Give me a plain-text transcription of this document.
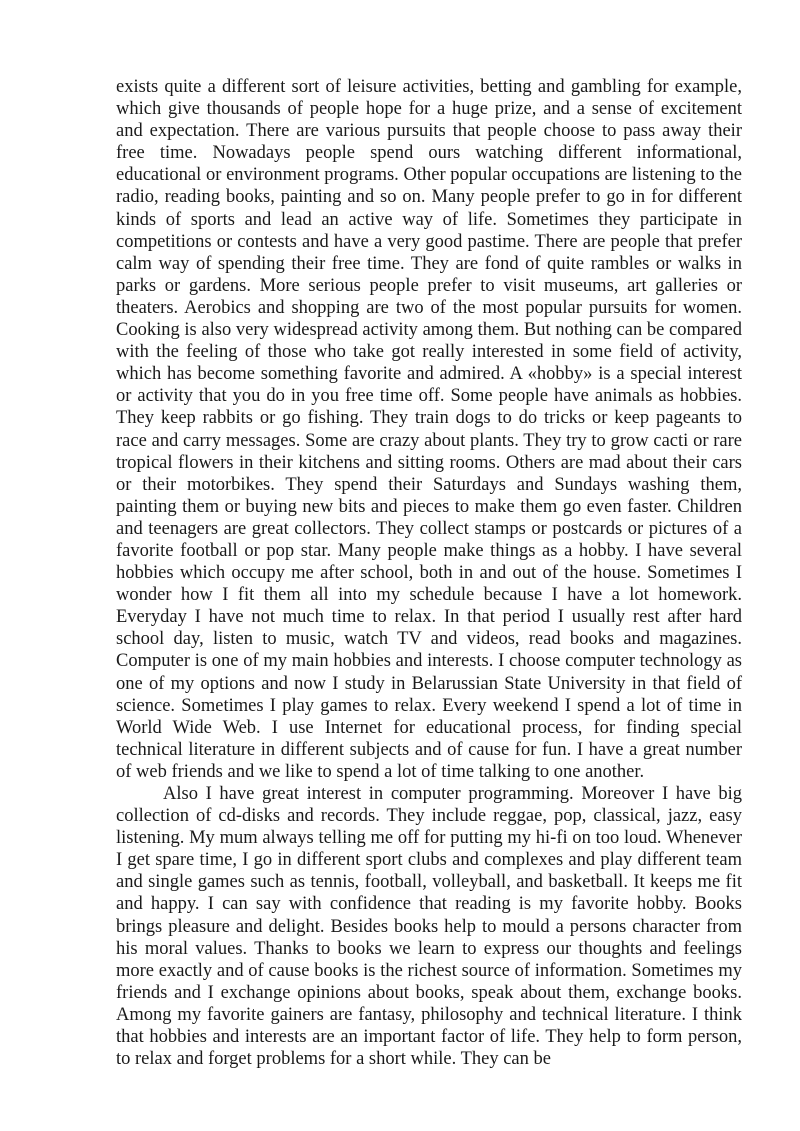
exists quite a different sort of leisure activities, betting and gambling for example, which give thousands of people hope for a huge prize, and a sense of excitement and expectation. There are various pursuits that people choose to pass away their free time. Nowadays people spend ours watching different informational, educational or environment programs. Other popular occupations are listening to the radio, reading books, painting and so on. Many people prefer to go in for different kinds of sports and lead an active way of life. Sometimes they participate in competitions or contests and have a very good pastime. There are people that prefer calm way of spending their free time. They are fond of quite rambles or walks in parks or gardens. More serious people prefer to visit museums, art galleries or theaters. Aerobics and shopping are two of the most popular pursuits for women. Cooking is also very widespread activity among them. But nothing can be compared with the feeling of those who take got really interested in some field of activity, which has become something favorite and admired. A «hobby» is a special interest or activity that you do in you free time off. Some people have animals as hobbies. They keep rabbits or go fishing. They train dogs to do tricks or keep pageants to race and carry messages. Some are crazy about plants. They try to grow cacti or rare tropical flowers in their kitchens and sitting rooms. Others are mad about their cars or their motorbikes. They spend their Saturdays and Sundays washing them, painting them or buying new bits and pieces to make them go even faster. Children and teenagers are great collectors. They collect stamps or postcards or pictures of a favorite football or pop star. Many people make things as a hobby. I have several hobbies which occupy me after school, both in and out of the house. Sometimes I wonder how I fit them all into my schedule because I have a lot homework. Everyday I have not much time to relax. In that period I usually rest after hard school day, listen to music, watch TV and videos, read books and magazines. Computer is one of my main hobbies and interests. I choose computer technology as one of my options and now I study in Belarussian State University in that field of science. Sometimes I play games to relax. Every weekend I spend a lot of time in World Wide Web. I use Internet for educational process, for finding special technical literature in different subjects and of cause for fun. I have a great number of web friends and we like to spend a lot of time talking to one another.

Also I have great interest in computer programming. Moreover I have big collection of cd-disks and records. They include reggae, pop, classical, jazz, easy listening. My mum always telling me off for putting my hi-fi on too loud. Whenever I get spare time, I go in different sport clubs and complexes and play different team and single games such as tennis, football, volleyball, and basketball. It keeps me fit and happy. I can say with confidence that reading is my favorite hobby. Books brings pleasure and delight. Besides books help to mould a persons character from his moral values. Thanks to books we learn to express our thoughts and feelings more exactly and of cause books is the richest source of information. Sometimes my friends and I exchange opinions about books, speak about them, exchange books. Among my favorite gainers are fantasy, philosophy and technical literature. I think that hobbies and interests are an important factor of life. They help to form person, to relax and forget problems for a short while. They can be
